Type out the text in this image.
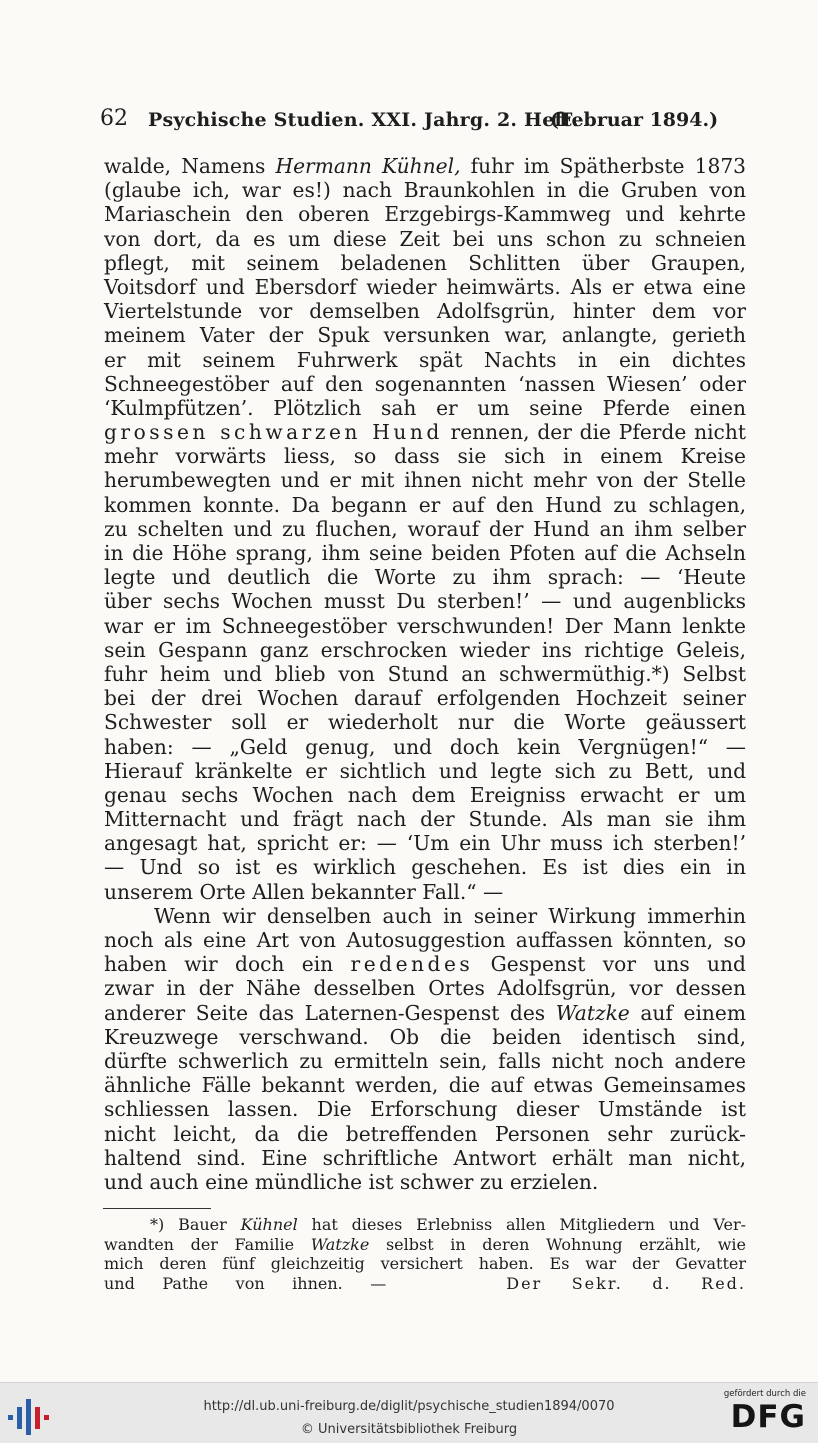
62 Psychische Studien. XXI. Jahrg. 2. Heft.
(Februar 1894.)
walde, Namens Hermann Kühnel, fuhr im Spätherbste 1873
(glaube ich, war es!) nach Braunkohlen in die Gruben von
Mariaschein den oberen Erzgebirgs-Kammweg und kehrte
von dort, da es um diese Zeit bei uns schon zu schneien
pflegt, mit seinem beladenen Schlitten über Graupen,
Voitsdorf und Ebersdorf wieder heimwärts. Als er etwa eine
Viertelstunde vor demselben Adolfsgrün, hinter dem vor
meinem Vater der Spuk versunken war, anlangte, gerieth
er mit seinem Fuhrwerk spät Nachts in ein dichtes
Schneegestöber auf den sogenannten ‘nassen Wiesen’ oder
‘Kulmpfützen’. Plötzlich sah er um seine Pferde einen
grossen schwarzen Hund rennen, der die Pferde nicht
mehr vorwärts liess, so dass sie sich in einem Kreise
herumbewegten und er mit ihnen nicht mehr von der Stelle
kommen konnte. Da begann er auf den Hund zu schlagen,
zu schelten und zu fluchen, worauf der Hund an ihm selber
in die Höhe sprang, ihm seine beiden Pfoten auf die Achseln
legte und deutlich die Worte zu ihm sprach: — ‘Heute
über sechs Wochen musst Du sterben!’ — und augenblicks
war er im Schneegestöber verschwunden! Der Mann lenkte
sein Gespann ganz erschrocken wieder ins richtige Geleis,
fuhr heim und blieb von Stund an schwermüthig.*) Selbst
bei der drei Wochen darauf erfolgenden Hochzeit seiner
Schwester soll er wiederholt nur die Worte geäussert
haben: — „Geld genug, und doch kein Vergnügen!“ —
Hierauf kränkelte er sichtlich und legte sich zu Bett, und
genau sechs Wochen nach dem Ereigniss erwacht er um
Mitternacht und frägt nach der Stunde. Als man sie ihm
angesagt hat, spricht er: — ‘Um ein Uhr muss ich sterben!’
— Und so ist es wirklich geschehen. Es ist dies ein in
unserem Orte Allen bekannter Fall.“ —
Wenn wir denselben auch in seiner Wirkung immerhin
noch als eine Art von Autosuggestion auffassen könnten, so
haben wir doch ein redendes Gespenst vor uns und
zwar in der Nähe desselben Ortes Adolfsgrün, vor dessen
anderer Seite das Laternen-Gespenst des Watzke auf einem
Kreuzwege verschwand. Ob die beiden identisch sind,
dürfte schwerlich zu ermitteln sein, falls nicht noch andere
ähnliche Fälle bekannt werden, die auf etwas Gemeinsames
schliessen lassen. Die Erforschung dieser Umstände ist
nicht leicht, da die betreffenden Personen sehr zurück-
haltend sind. Eine schriftliche Antwort erhält man nicht,
und auch eine mündliche ist schwer zu erzielen.
*) Bauer Kühnel hat dieses Erlebniss allen Mitgliedern und Ver-
wandten der Familie Watzke selbst in deren Wohnung erzählt, wie
mich deren fünf gleichzeitig versichert haben. Es war der Gevatter
und Pathe von ihnen. —	Der Sekr. d. Red.
http://dl.ub.uni-freiburg.de/diglit/psychische_studien1894/0070
© Universitätsbibliothek Freiburg
gefördert durch die
DFG
